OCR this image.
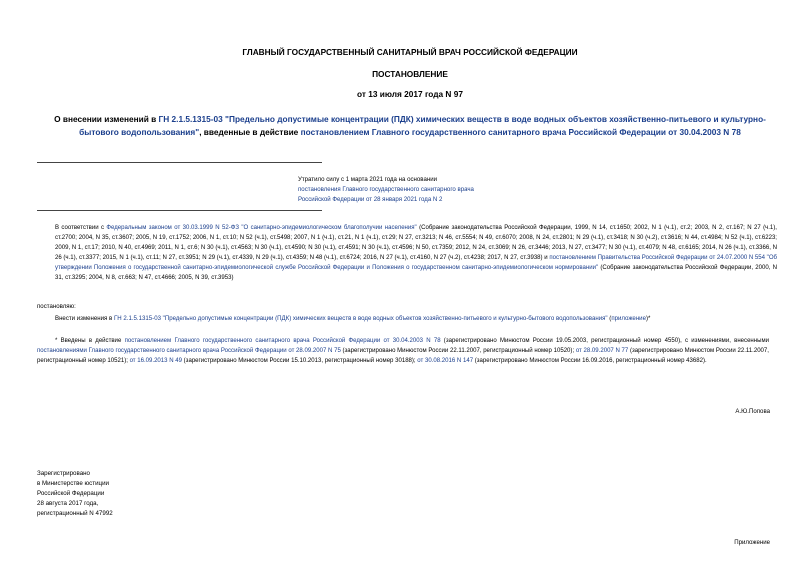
ГЛАВНЫЙ ГОСУДАРСТВЕННЫЙ САНИТАРНЫЙ ВРАЧ РОССИЙСКОЙ ФЕДЕРАЦИИ
ПОСТАНОВЛЕНИЕ
от 13 июля 2017 года N 97
О внесении изменений в ГН 2.1.5.1315-03 "Предельно допустимые концентрации (ПДК) химических веществ в воде водных объектов хозяйственно-питьевого и культурно-бытового водопользования", введенные в действие постановлением Главного государственного санитарного врача Российской Федерации от 30.04.2003 N 78
Утратило силу с 1 марта 2021 года на основании
постановления Главного государственного санитарного врача
Российской Федерации от 28 января 2021 года N 2
В соответствии с Федеральным законом от 30.03.1999 N 52-ФЗ "О санитарно-эпидемиологическом благополучии населения" (Собрание законодательства Российской Федерации, 1999, N 14, ст.1650; 2002, N 1 (ч.1), ст.2; 2003, N 2, ст.167; N 27 (ч.1), ст.2700; 2004, N 35, ст.3607; 2005, N 19, ст.1752; 2006, N 1, ст.10; N 52 (ч.1), ст.5498; 2007, N 1 (ч.1), ст.21, N 1 (ч.1), ст.29; N 27, ст.3213; N 46, ст.5554; N 49, ст.6070; 2008, N 24, ст.2801; N 29 (ч.1), ст.3418; N 30 (ч.2), ст.3616; N 44, ст.4984; N 52 (ч.1), ст.6223; 2009, N 1, ст.17; 2010, N 40, ст.4969; 2011, N 1, ст.6; N 30 (ч.1), ст.4563; N 30 (ч.1), ст.4590; N 30 (ч.1), ст.4591; N 30 (ч.1), ст.4596; N 50, ст.7359; 2012, N 24, ст.3069; N 26, ст.3446; 2013, N 27, ст.3477; N 30 (ч.1), ст.4079; N 48, ст.6165; 2014, N 26 (ч.1), ст.3366, N 26 (ч.1), ст.3377; 2015, N 1 (ч.1), ст.11; N 27, ст.3951; N 29 (ч.1), ст.4339, N 29 (ч.1), ст.4359; N 48 (ч.1), ст.6724; 2016, N 27 (ч.1), ст.4160, N 27 (ч.2), ст.4238; 2017, N 27, ст.3938) и постановлением Правительства Российской Федерации от 24.07.2000 N 554 "Об утверждении Положения о государственной санитарно-эпидемиологической службе Российской Федерации и Положения о государственном санитарно-эпидемиологическом нормировании" (Собрание законодательства Российской Федерации, 2000, N 31, ст.3295; 2004, N 8, ст.663; N 47, ст.4666; 2005, N 39, ст.3953)
постановляю:
Внести изменения в ГН 2.1.5.1315-03 "Предельно допустимые концентрации (ПДК) химических веществ в воде водных объектов хозяйственно-питьевого и культурно-бытового водопользования" (приложение)*
* Введены в действие постановлением Главного государственного санитарного врача Российской Федерации от 30.04.2003 N 78 (зарегистрировано Минюстом России 19.05.2003, регистрационный номер 4550), с изменениями, внесенными постановлениями Главного государственного санитарного врача Российской Федерации от 28.09.2007 N 75 (зарегистрировано Минюстом России 22.11.2007, регистрационный номер 10520); от 28.09.2007 N 77 (зарегистрировано Минюстом России 22.11.2007, регистрационный номер 10521); от 16.09.2013 N 49 (зарегистрировано Минюстом России 15.10.2013, регистрационный номер 30188); от 30.08.2016 N 147 (зарегистрировано Минюстом России 16.09.2016, регистрационный номер 43682).
А.Ю.Попова
Зарегистрировано
в Министерстве юстиции
Российской Федерации
28 августа 2017 года,
регистрационный N 47992
Приложение
